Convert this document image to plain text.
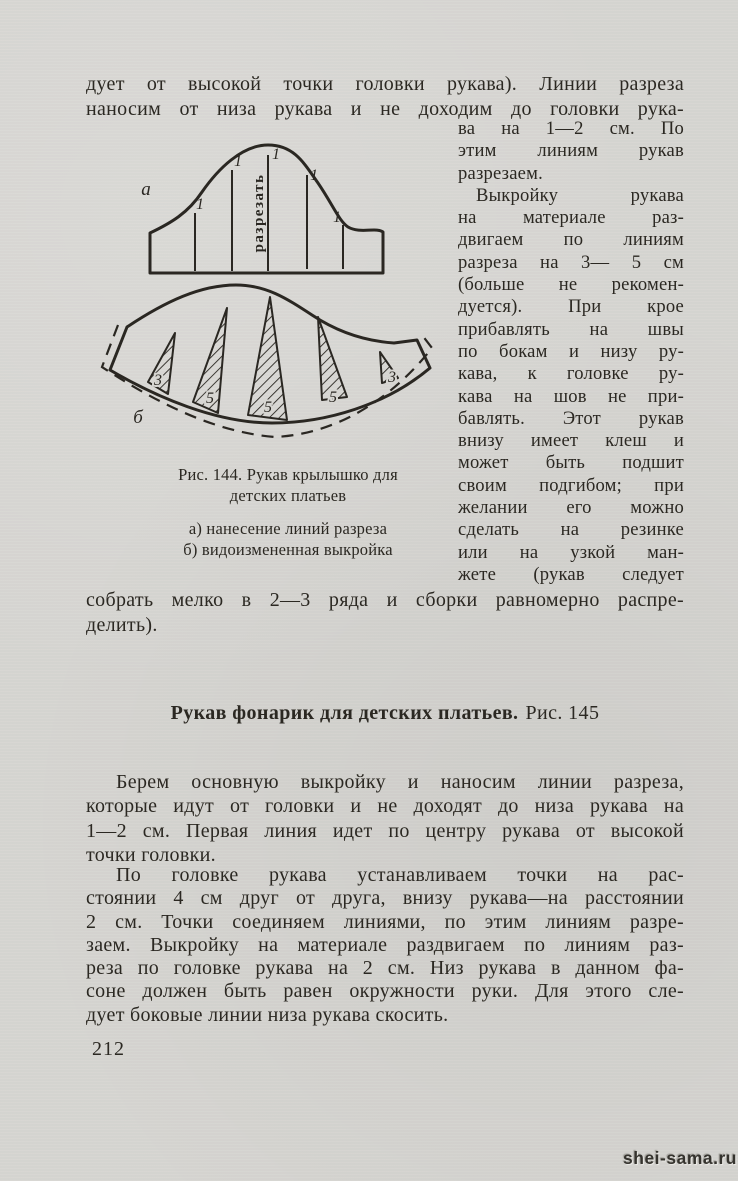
дует от высокой точки головки рукава). Линии разреза
наносим от низа рукава и не доходим до головки рука-
1
1 1
1
1
разрезать
а
3
5
5
5
3
б
ва на 1—2 см. По
этим линиям рукав
разрезаем.
Выкройку рукава
на материале раз-
двигаем по линиям
разреза на 3— 5 см
(больше не рекомен-
дуется). При крое
прибавлять на швы
по бокам и низу ру-
кава, к головке ру-
кава на шов не при-
бавлять. Этот рукав
внизу имеет клеш и
может быть подшит
своим подгибом; при
желании его можно
сделать на резинке
или на узкой ман-
жете (рукав следует
Рис. 144. Рукав крылышко для
детских платьев
а) нанесение линий разреза
б) видоизмененная выкройка
собрать мелко в 2—3 ряда и сборки равномерно распре-
делить).
Рукав фонарик для детских платьев. Рис. 145
Берем основную выкройку и наносим линии разреза,
которые идут от головки и не доходят до низа рукава на
1—2 см. Первая линия идет по центру рукава от высокой
точки головки.
По головке рукава устанавливаем точки на рас-
стоянии 4 см друг от друга, внизу рукава—на расстоянии
2 см. Точки соединяем линиями, по этим линиям разре-
заем. Выкройку на материале раздвигаем по линиям раз-
реза по головке рукава на 2 см. Низ рукава в данном фа-
соне должен быть равен окружности руки. Для этого сле-
дует боковые линии низа рукава скосить.
212
shei-sama.ru
